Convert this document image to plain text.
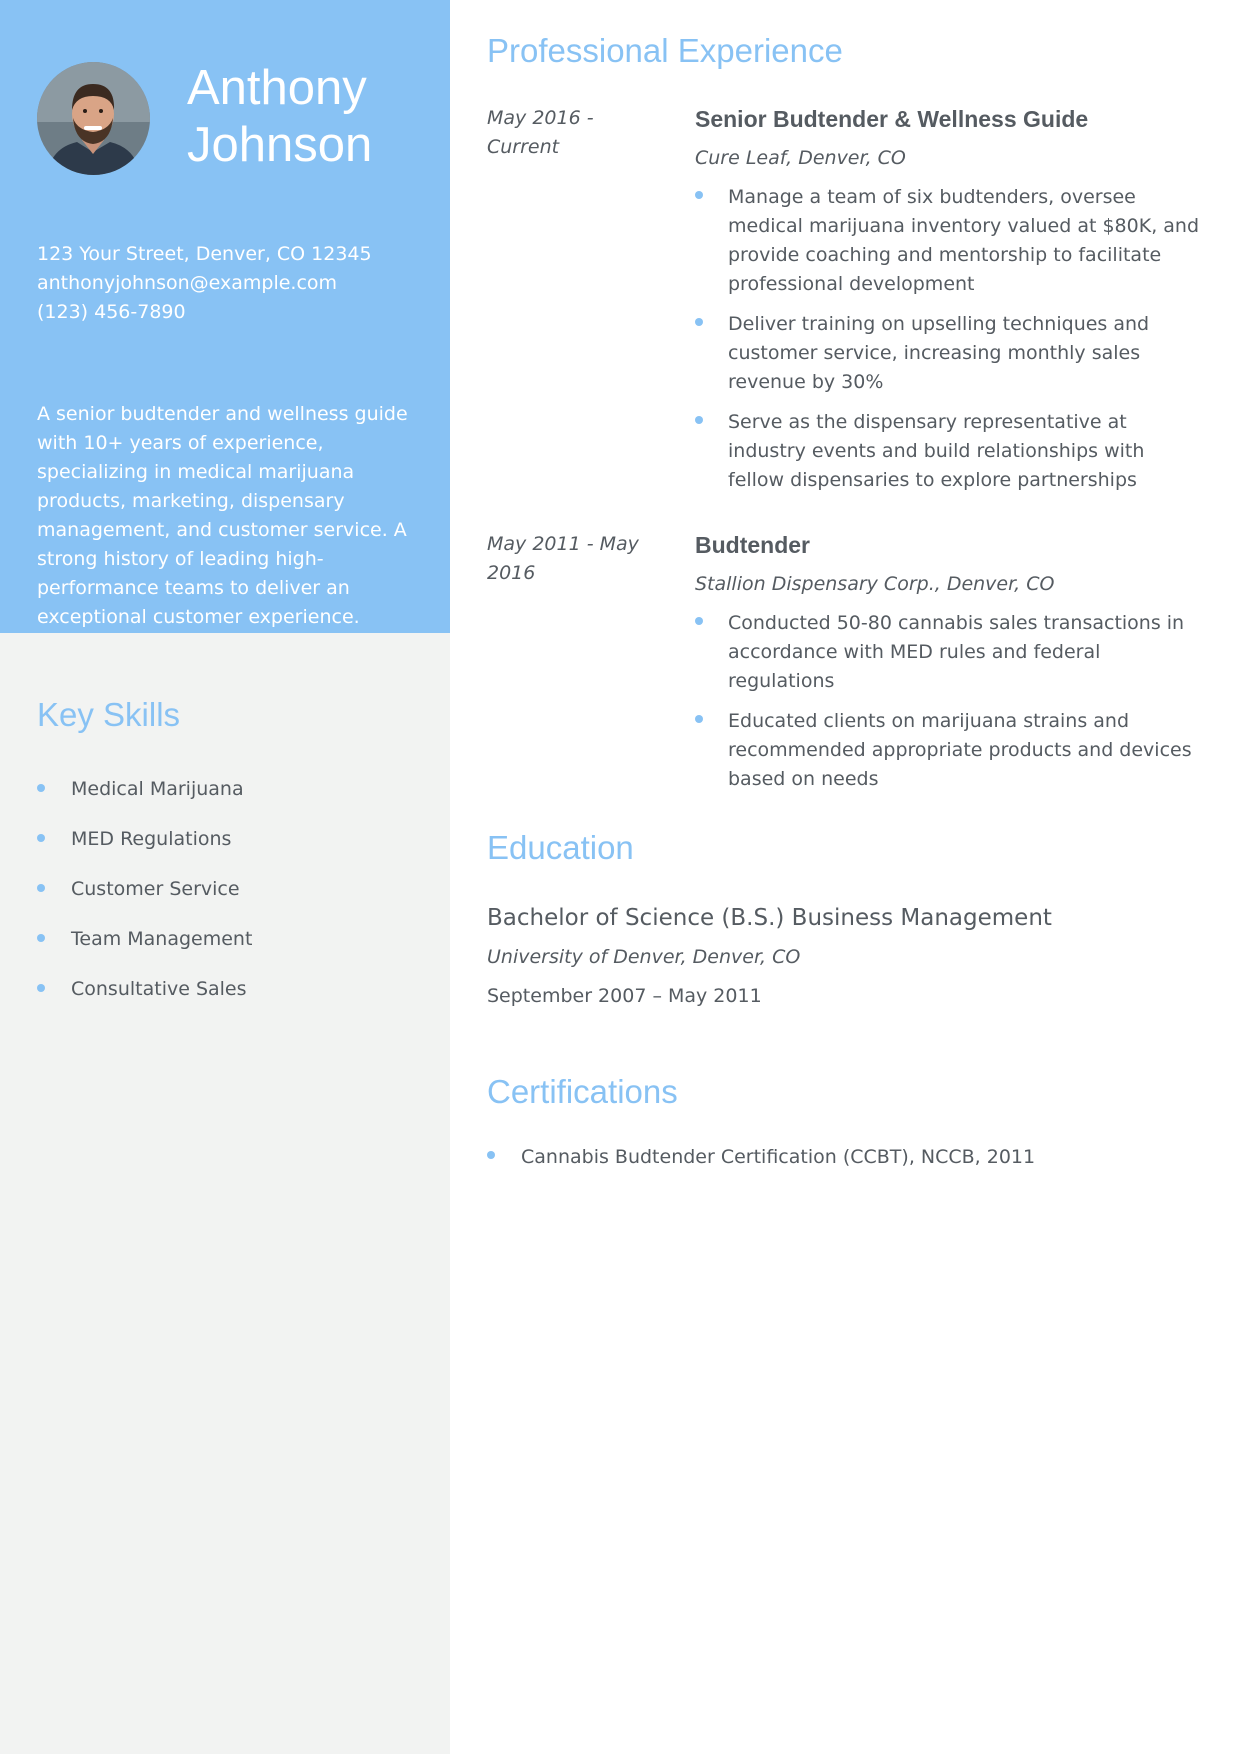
Anthony
Johnson
123 Your Street, Denver, CO 12345
anthonyjohnson@example.com
(123) 456-7890
A senior budtender and wellness guide with 10+ years of experience, specializing in medical marijuana products, marketing, dispensary management, and customer service. A strong history of leading high-performance teams to deliver an exceptional customer experience.
Key Skills
Medical Marijuana
MED Regulations
Customer Service
Team Management
Consultative Sales
Professional Experience
May 2016 - Current
Senior Budtender & Wellness Guide
Cure Leaf, Denver, CO
Manage a team of six budtenders, oversee medical marijuana inventory valued at $80K, and provide coaching and mentorship to facilitate professional development
Deliver training on upselling techniques and customer service, increasing monthly sales revenue by 30%
Serve as the dispensary representative at industry events and build relationships with fellow dispensaries to explore partnerships
May 2011 - May 2016
Budtender
Stallion Dispensary Corp., Denver, CO
Conducted 50-80 cannabis sales transactions in accordance with MED rules and federal regulations
Educated clients on marijuana strains and recommended appropriate products and devices based on needs
Education
Bachelor of Science (B.S.) Business Management
University of Denver, Denver, CO
September 2007 – May 2011
Certifications
Cannabis Budtender Certification (CCBT), NCCB, 2011
